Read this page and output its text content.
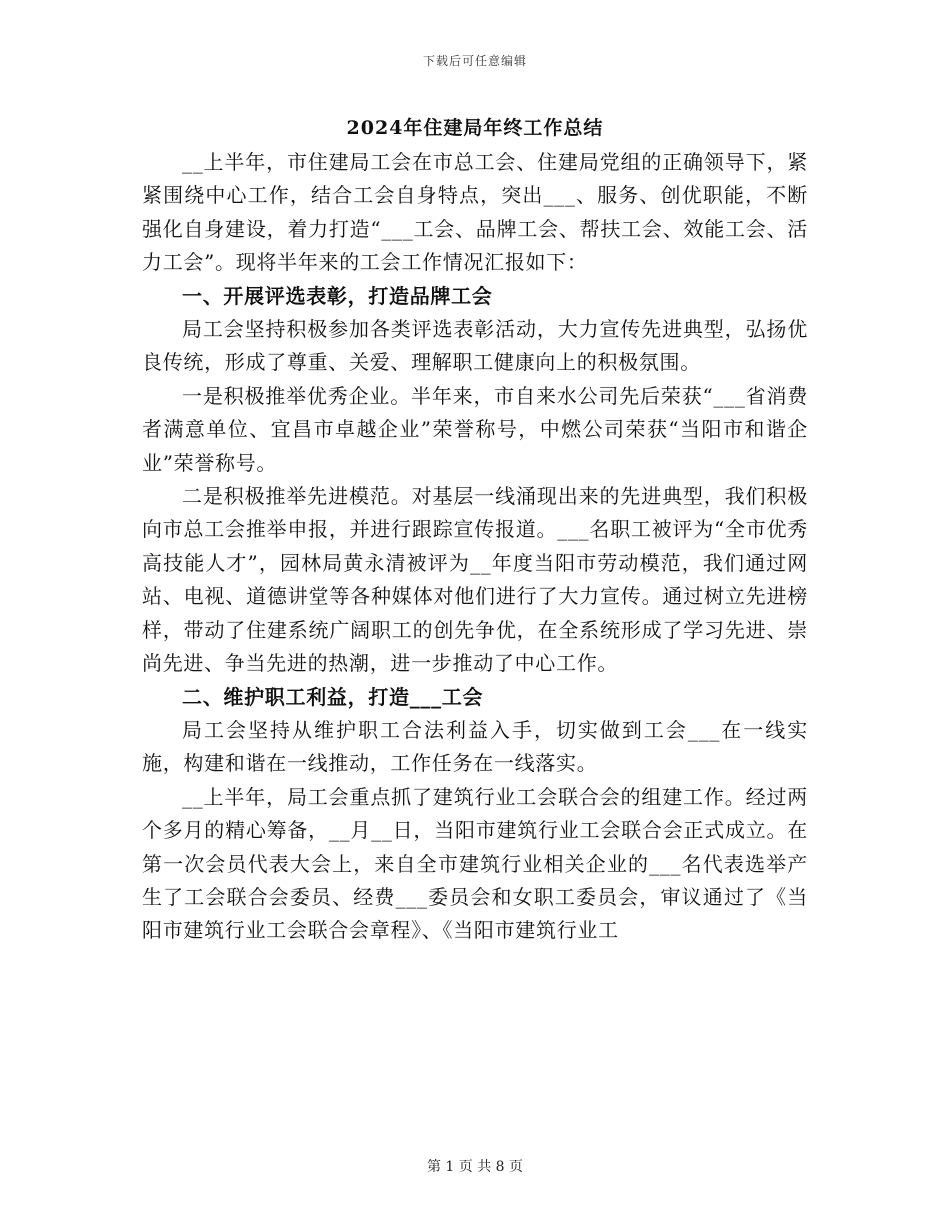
下载后可任意编辑
2024年住建局年终工作总结

__上半年，市住建局工会在市总工会、住建局党组的正确领导下，紧紧围绕中心工作，结合工会自身特点，突出___、服务、创优职能，不断强化自身建设，着力打造“___工会、品牌工会、帮扶工会、效能工会、活力工会”。现将半年来的工会工作情况汇报如下：

一、开展评选表彰，打造品牌工会

局工会坚持积极参加各类评选表彰活动，大力宣传先进典型，弘扬优良传统，形成了尊重、关爱、理解职工健康向上的积极氛围。

一是积极推举优秀企业。半年来，市自来水公司先后荣获“___省消费者满意单位、宜昌市卓越企业”荣誉称号，中燃公司荣获“当阳市和谐企业”荣誉称号。

二是积极推举先进模范。对基层一线涌现出来的先进典型，我们积极向市总工会推举申报，并进行跟踪宣传报道。___名职工被评为“全市优秀高技能人才”，园林局黄永清被评为__年度当阳市劳动模范，我们通过网站、电视、道德讲堂等各种媒体对他们进行了大力宣传。通过树立先进榜样，带动了住建系统广阔职工的创先争优，在全系统形成了学习先进、崇尚先进、争当先进的热潮，进一步推动了中心工作。

二、维护职工利益，打造___工会

局工会坚持从维护职工合法利益入手，切实做到工会___在一线实施，构建和谐在一线推动，工作任务在一线落实。

__上半年，局工会重点抓了建筑行业工会联合会的组建工作。经过两个多月的精心筹备，__月__日，当阳市建筑行业工会联合会正式成立。在第一次会员代表大会上，来自全市建筑行业相关企业的___名代表选举产生了工会联合会委员、经费___委员会和女职工委员会，审议通过了《当阳市建筑行业工会联合会章程》、《当阳市建筑行业工

第 1 页 共 8 页
